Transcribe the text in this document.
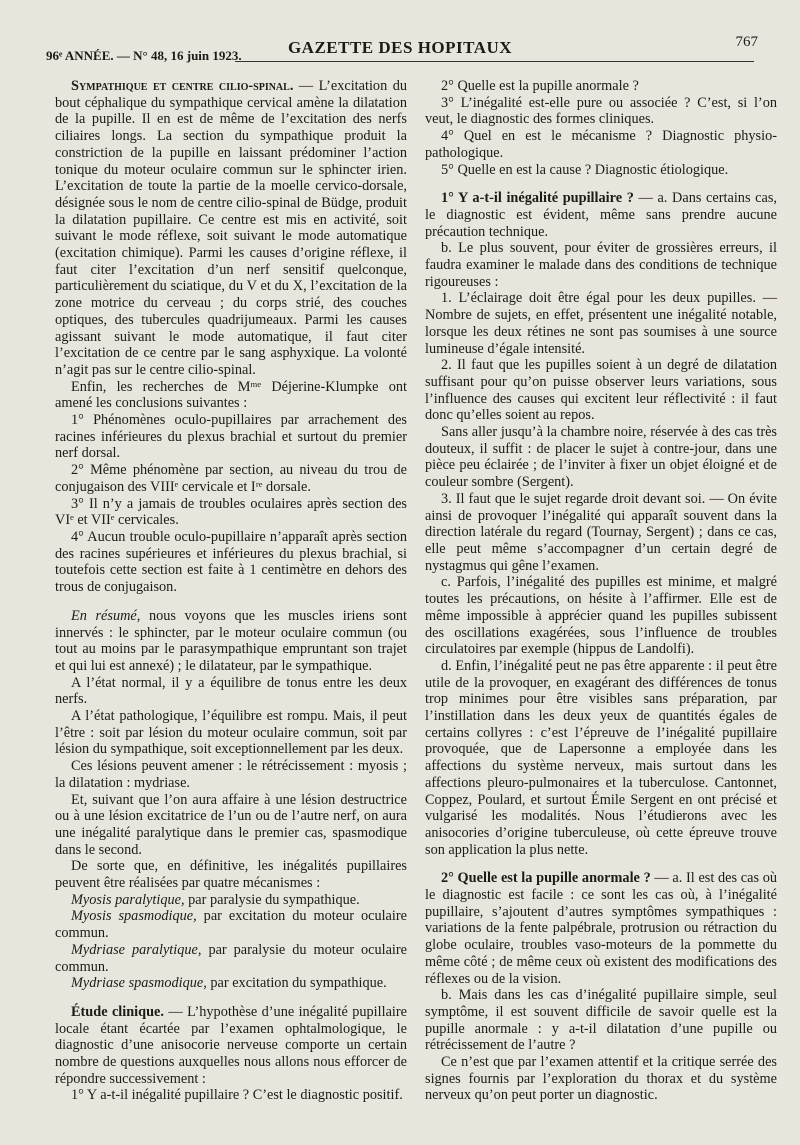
96ᵉ ANNÉE. — N° 48, 16 juin 1923.	GAZETTE DES HOPITAUX	767

Sympathique et centre cilio-spinal. — L’excitation du bout céphalique du sympathique cervical amène la dilatation de la pupille. Il en est de même de l’excitation des nerfs ciliaires longs. La section du sympathique produit la constriction de la pupille en laissant prédominer l’action tonique du moteur oculaire commun sur le sphincter irien. L’excitation de toute la partie de la moelle cervico-dorsale, désignée sous le nom de centre cilio-spinal de Büdge, produit la dilatation pupillaire. Ce centre est mis en activité, soit suivant le mode réflexe, soit suivant le mode automatique (excitation chimique). Parmi les causes d’origine réflexe, il faut citer l’excitation d’un nerf sensitif quelconque, particulièrement du sciatique, du V et du X, l’excitation de la zone motrice du cerveau ; du corps strié, des couches optiques, des tubercules quadrijumeaux. Parmi les causes agissant suivant le mode automatique, il faut citer l’excitation de ce centre par le sang asphyxique. La volonté n’agit pas sur le centre cilio-spinal.

Enfin, les recherches de Mᵐᵉ Déjerine-Klumpke ont amené les conclusions suivantes :

1° Phénomènes oculo-pupillaires par arrachement des racines inférieures du plexus brachial et surtout du premier nerf dorsal.

2° Même phénomène par section, au niveau du trou de conjugaison des VIIIᵉ cervicale et Iʳᵉ dorsale.

3° Il n’y a jamais de troubles oculaires après section des VIᵉ et VIIᵉ cervicales.

4° Aucun trouble oculo-pupillaire n’apparaît après section des racines supérieures et inférieures du plexus brachial, si toutefois cette section est faite à 1 centimètre en dehors des trous de conjugaison.

En résumé, nous voyons que les muscles iriens sont innervés : le sphincter, par le moteur oculaire commun (ou tout au moins par le parasympathique empruntant son trajet et qui lui est annexé) ; le dilatateur, par le sympathique.

A l’état normal, il y a équilibre de tonus entre les deux nerfs.

A l’état pathologique, l’équilibre est rompu. Mais, il peut l’être : soit par lésion du moteur oculaire commun, soit par lésion du sympathique, soit exceptionnellement par les deux.

Ces lésions peuvent amener : le rétrécissement : myosis ; la dilatation : mydriase.

Et, suivant que l’on aura affaire à une lésion destructrice ou à une lésion excitatrice de l’un ou de l’autre nerf, on aura une inégalité paralytique dans le premier cas, spasmodique dans le second.

De sorte que, en définitive, les inégalités pupillaires peuvent être réalisées par quatre mécanismes :

Myosis paralytique, par paralysie du sympathique.

Myosis spasmodique, par excitation du moteur oculaire commun.

Mydriase paralytique, par paralysie du moteur oculaire commun.

Mydriase spasmodique, par excitation du sympathique.

Étude clinique. — L’hypothèse d’une inégalité pupillaire locale étant écartée par l’examen ophtalmologique, le diagnostic d’une anisocorie nerveuse comporte un certain nombre de questions auxquelles nous allons nous efforcer de répondre successivement :

1° Y a-t-il inégalité pupillaire ? C’est le diagnostic positif.

2° Quelle est la pupille anormale ?

3° L’inégalité est-elle pure ou associée ? C’est, si l’on veut, le diagnostic des formes cliniques.

4° Quel en est le mécanisme ? Diagnostic physio-pathologique.

5° Quelle en est la cause ? Diagnostic étiologique.

1° Y a-t-il inégalité pupillaire ? — a. Dans certains cas, le diagnostic est évident, même sans prendre aucune précaution technique.

b. Le plus souvent, pour éviter de grossières erreurs, il faudra examiner le malade dans des conditions de technique rigoureuses :

1. L’éclairage doit être égal pour les deux pupilles. — Nombre de sujets, en effet, présentent une inégalité notable, lorsque les deux rétines ne sont pas soumises à une source lumineuse d’égale intensité.

2. Il faut que les pupilles soient à un degré de dilatation suffisant pour qu’on puisse observer leurs variations, sous l’influence des causes qui excitent leur réflectivité : il faut donc qu’elles soient au repos.

Sans aller jusqu’à la chambre noire, réservée à des cas très douteux, il suffit : de placer le sujet à contre-jour, dans une pièce peu éclairée ; de l’inviter à fixer un objet éloigné et de couleur sombre (Sergent).

3. Il faut que le sujet regarde droit devant soi. — On évite ainsi de provoquer l’inégalité qui apparaît souvent dans la direction latérale du regard (Tournay, Sergent) ; dans ce cas, elle peut même s’accompagner d’un certain degré de nystagmus qui gêne l’examen.

c. Parfois, l’inégalité des pupilles est minime, et malgré toutes les précautions, on hésite à l’affirmer. Elle est de même impossible à apprécier quand les pupilles subissent des oscillations exagérées, sous l’influence de troubles circulatoires par exemple (hippus de Landolfi).

d. Enfin, l’inégalité peut ne pas être apparente : il peut être utile de la provoquer, en exagérant des différences de tonus trop minimes pour être visibles sans préparation, par l’instillation dans les deux yeux de quantités égales de certains collyres : c’est l’épreuve de l’inégalité pupillaire provoquée, que de Lapersonne a employée dans les affections du système nerveux, mais surtout dans les affections pleuro-pulmonaires et la tuberculose. Cantonnet, Coppez, Poulard, et surtout Émile Sergent en ont précisé et vulgarisé les modalités. Nous l’étudierons avec les anisocories d’origine tuberculeuse, où cette épreuve trouve son application la plus nette.

2° Quelle est la pupille anormale ? — a. Il est des cas où le diagnostic est facile : ce sont les cas où, à l’inégalité pupillaire, s’ajoutent d’autres symptômes sympathiques : variations de la fente palpébrale, protrusion ou rétraction du globe oculaire, troubles vaso-moteurs de la pommette du même côté ; de même ceux où existent des modifications des réflexes ou de la vision.

b. Mais dans les cas d’inégalité pupillaire simple, seul symptôme, il est souvent difficile de savoir quelle est la pupille anormale : y a-t-il dilatation d’une pupille ou rétrécissement de l’autre ?

Ce n’est que par l’examen attentif et la critique serrée des signes fournis par l’exploration du thorax et du système nerveux qu’on peut porter un diagnostic.
